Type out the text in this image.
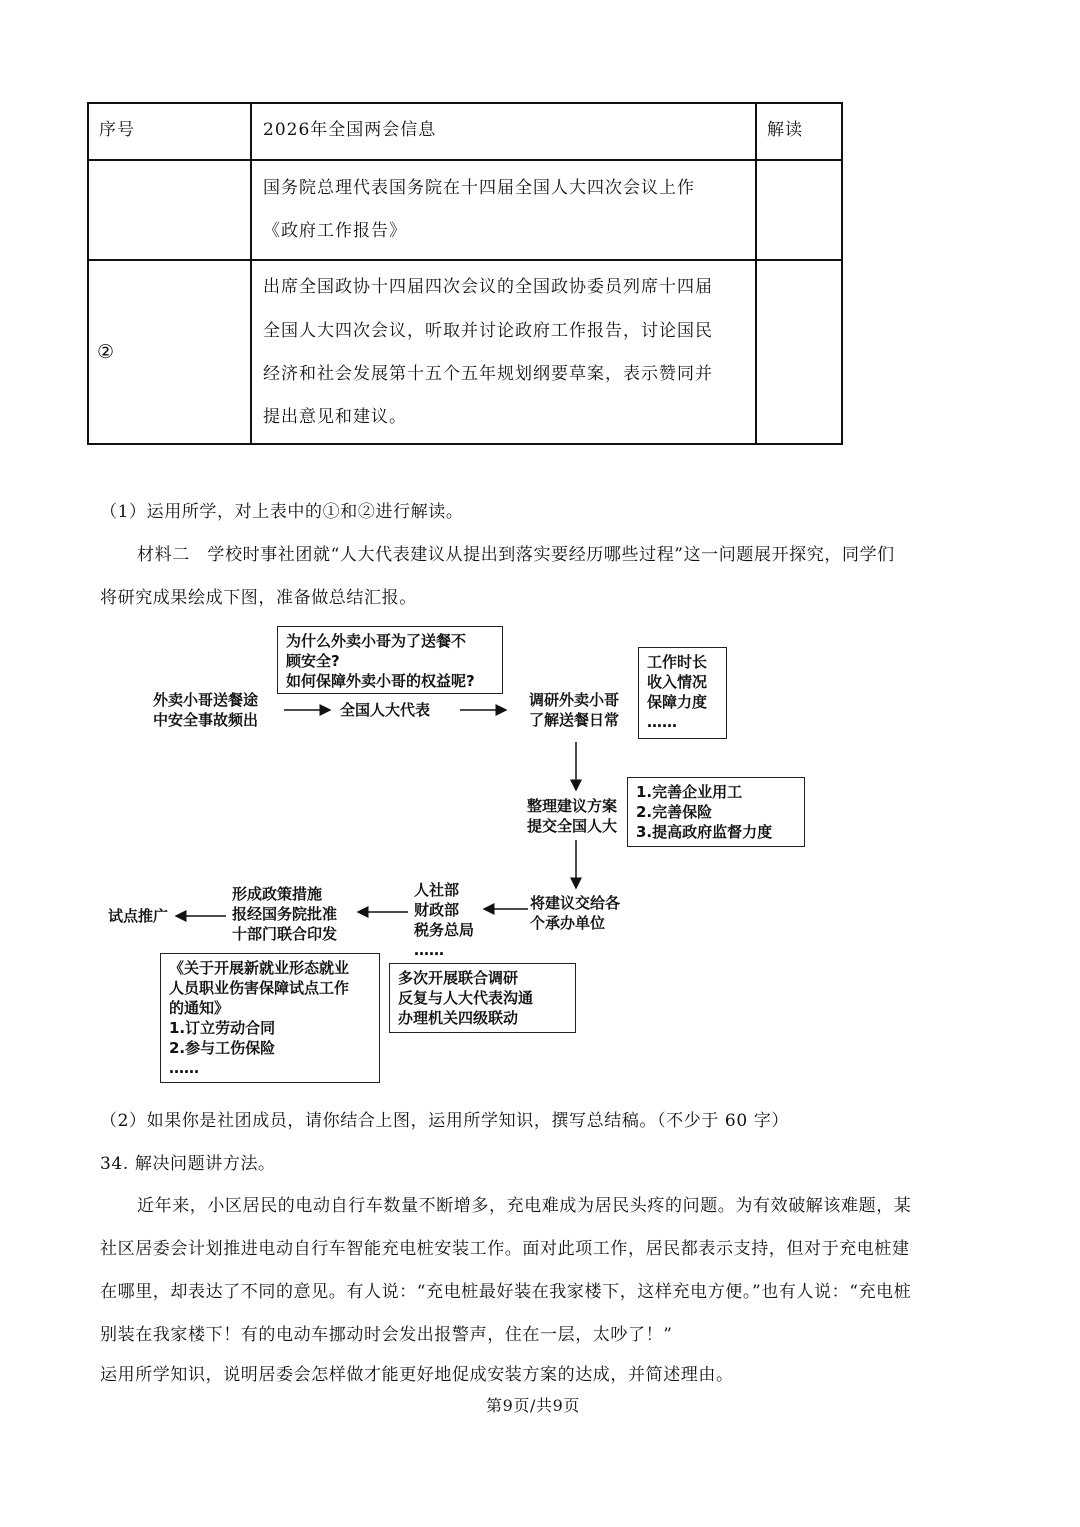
序号	2026年全国两会信息	解读
国务院总理代表国务院在十四届全国人大四次会议上作
《政府工作报告》
②
出席全国政协十四届四次会议的全国政协委员列席十四届
全国人大四次会议，听取并讨论政府工作报告，讨论国民
经济和社会发展第十五个五年规划纲要草案，表示赞同并
提出意见和建议。
（1）运用所学，对上表中的①和②进行解读。
材料二　学校时事社团就“人大代表建议从提出到落实要经历哪些过程”这一问题展开探究，同学们
将研究成果绘成下图，准备做总结汇报。
为什么外卖小哥为了送餐不
顾安全?
如何保障外卖小哥的权益呢?
外卖小哥送餐途
中安全事故频出
全国人大代表
调研外卖小哥
了解送餐日常
工作时长
收入情况
保障力度
……
整理建议方案
提交全国人大
1.完善企业用工
2.完善保险
3.提高政府监督力度
将建议交给各
个承办单位
人社部
财政部
税务总局
……
形成政策措施
报经国务院批准
十部门联合印发
试点推广
多次开展联合调研
反复与人大代表沟通
办理机关四级联动
《关于开展新就业形态就业
人员职业伤害保障试点工作
的通知》
1.订立劳动合同
2.参与工伤保险
……
（2）如果你是社团成员，请你结合上图，运用所学知识，撰写总结稿。（不少于 60 字）
34. 解决问题讲方法。
近年来，小区居民的电动自行车数量不断增多，充电难成为居民头疼的问题。为有效破解该难题，某
社区居委会计划推进电动自行车智能充电桩安装工作。面对此项工作，居民都表示支持，但对于充电桩建
在哪里，却表达了不同的意见。有人说：“充电桩最好装在我家楼下，这样充电方便。”也有人说：“充电桩
别装在我家楼下！有的电动车挪动时会发出报警声，住在一层，太吵了！”
运用所学知识，说明居委会怎样做才能更好地促成安装方案的达成，并简述理由。
第9页/共9页
